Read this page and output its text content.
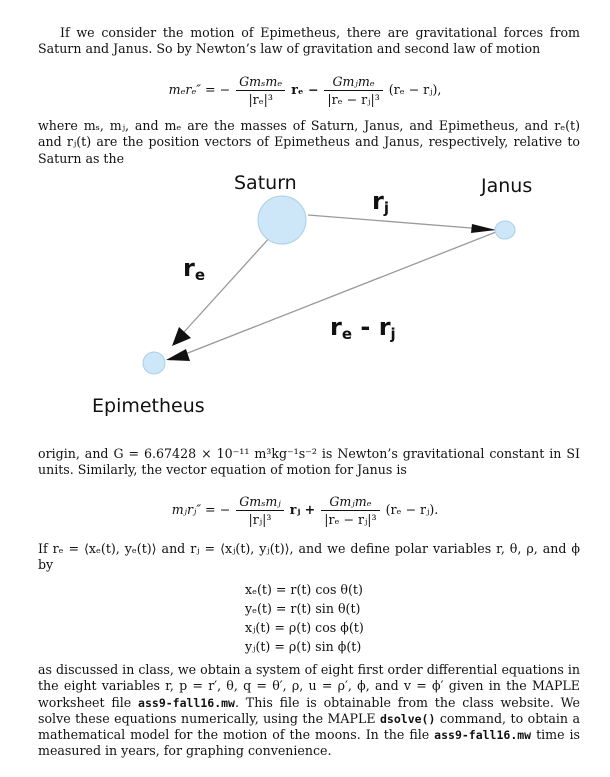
If we consider the motion of Epimetheus, there are gravitational forces from Saturn and Janus. So by Newton’s law of gravitation and second law of motion
mₑrₑ″ = − $\frac{\text{Gmₛmₑ}}{\text{|rₑ|³}}$ $r_e - \frac{\text{Gmⱼmₑ}}{\text{|rₑ − rⱼ|³}} (r_e$ − rⱼ),
where mₛ, mⱼ, and mₑ are the masses of Saturn, Janus, and Epimetheus, and rₑ(t) and rⱼ(t) are the position vectors of Epimetheus and Janus, respectively, relative to Saturn as the
Saturn	Janus
Epimetheus
rj
re
re - rj
origin, and G = 6.67428 × 10⁻¹¹ m³kg⁻¹s⁻² is Newton’s gravitational constant in SI units. Similarly, the vector equation of motion for Janus is
mⱼrⱼ″ = − $\frac{\text{Gmₛmⱼ}}{\text{|rⱼ|³}}$ rⱼ + $\frac{\text{Gmⱼmₑ}}{\text{|rₑ − rⱼ|³}} (r_e$ − rⱼ).
If rₑ = ⟨xₑ(t), yₑ(t)⟩ and rⱼ = ⟨xⱼ(t), yⱼ(t)⟩, and we define polar variables r, θ, ρ, and ϕ by
xₑ(t) = r(t) cos θ(t)
yₑ(t) = r(t) sin θ(t)
xⱼ(t) = ρ(t) cos ϕ(t)
yⱼ(t) = ρ(t) sin ϕ(t)
as discussed in class, we obtain a system of eight first order differential equations in the eight variables r, p = r′, θ, q = θ′, ρ, u = ρ′, ϕ, and v = ϕ′ given in the MAPLE worksheet file ass9-fall16.mw. This file is obtainable from the class website. We solve these equations numerically, using the MAPLE dsolve() command, to obtain a mathematical model for the motion of the moons. In the file ass9-fall16.mw time is measured in years, for graphing convenience.
